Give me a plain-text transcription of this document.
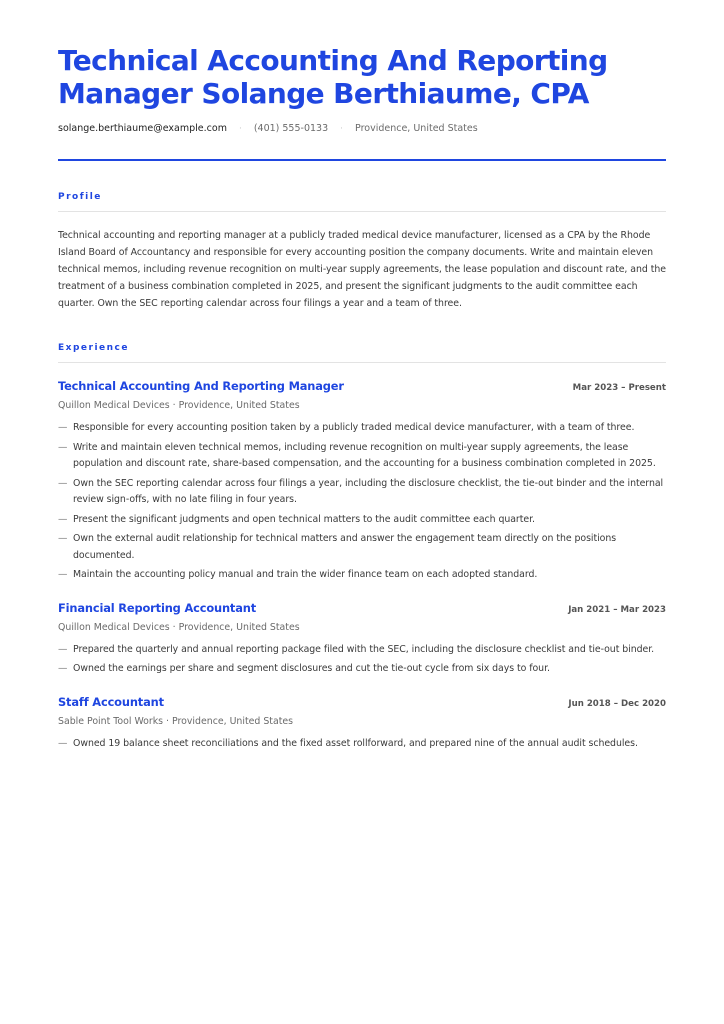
Technical Accounting And Reporting Manager Solange Berthiaume, CPA
solange.berthiaume@example.com · (401) 555-0133 · Providence, United States
Profile

Technical accounting and reporting manager at a publicly traded medical device manufacturer, licensed as a CPA by the Rhode Island Board of Accountancy and responsible for every accounting position the company documents. Write and maintain eleven technical memos, including revenue recognition on multi-year supply agreements, the lease population and discount rate, and the treatment of a business combination completed in 2025, and present the significant judgments to the audit committee each quarter. Own the SEC reporting calendar across four filings a year and a team of three.

Experience
Technical Accounting And Reporting Manager	Mar 2023 – Present
Quillon Medical Devices · Providence, United States
— Responsible for every accounting position taken by a publicly traded medical device manufacturer, with a team of three.
— Write and maintain eleven technical memos, including revenue recognition on multi-year supply agreements, the lease population and discount rate, share-based compensation, and the accounting for a business combination completed in 2025.
— Own the SEC reporting calendar across four filings a year, including the disclosure checklist, the tie-out binder and the internal review sign-offs, with no late filing in four years.
— Present the significant judgments and open technical matters to the audit committee each quarter.
— Own the external audit relationship for technical matters and answer the engagement team directly on the positions documented.
— Maintain the accounting policy manual and train the wider finance team on each adopted standard.
Financial Reporting Accountant	Jan 2021 – Mar 2023
Quillon Medical Devices · Providence, United States
— Prepared the quarterly and annual reporting package filed with the SEC, including the disclosure checklist and tie-out binder.
— Owned the earnings per share and segment disclosures and cut the tie-out cycle from six days to four.
Staff Accountant	Jun 2018 – Dec 2020
Sable Point Tool Works · Providence, United States
— Owned 19 balance sheet reconciliations and the fixed asset rollforward, and prepared nine of the annual audit schedules.
